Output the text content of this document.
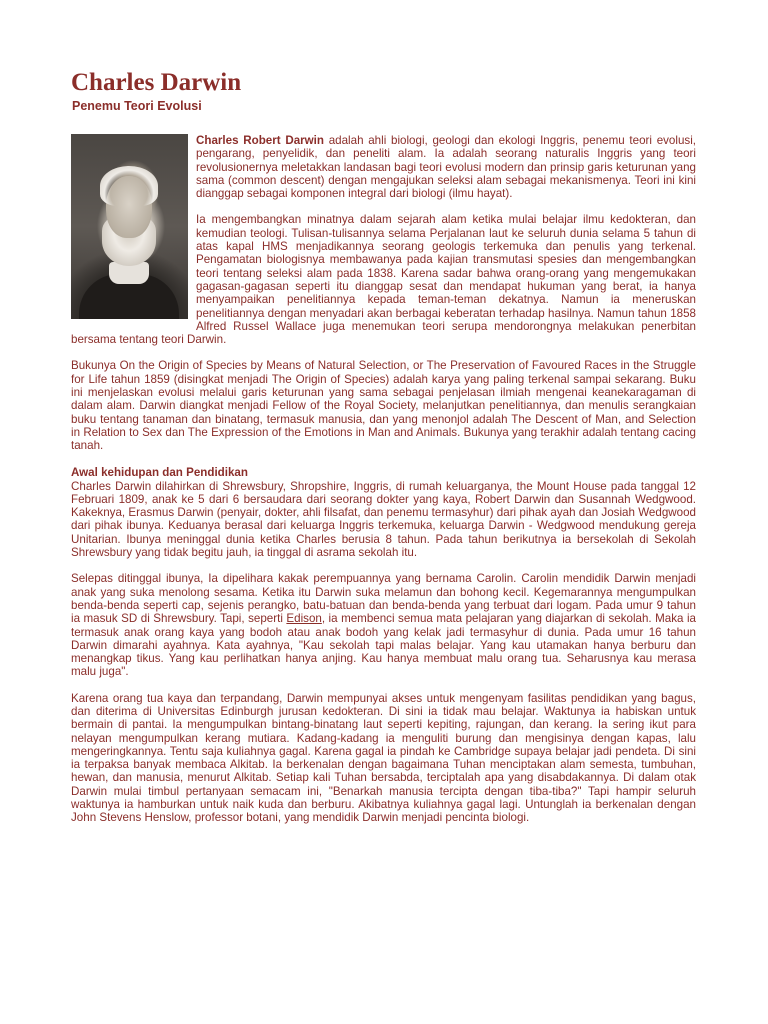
Charles Darwin
Penemu Teori Evolusi

Charles Robert Darwin adalah ahli biologi, geologi dan ekologi Inggris, penemu teori evolusi, pengarang, penyelidik, dan peneliti alam. Ia adalah seorang naturalis Inggris yang teori revolusionernya meletakkan landasan bagi teori evolusi modern dan prinsip garis keturunan yang sama (common descent) dengan mengajukan seleksi alam sebagai mekanismenya. Teori ini kini dianggap sebagai komponen integral dari biologi (ilmu hayat).

Ia mengembangkan minatnya dalam sejarah alam ketika mulai belajar ilmu kedokteran, dan kemudian teologi. Tulisan-tulisannya selama Perjalanan laut ke seluruh dunia selama 5 tahun di atas kapal HMS menjadikannya seorang geologis terkemuka dan penulis yang terkenal. Pengamatan biologisnya membawanya pada kajian transmutasi spesies dan mengembangkan teori tentang seleksi alam pada 1838. Karena sadar bahwa orang-orang yang mengemukakan gagasan-gagasan seperti itu dianggap sesat dan mendapat hukuman yang berat, ia hanya menyampaikan penelitiannya kepada teman-teman dekatnya. Namun ia meneruskan penelitiannya dengan menyadari akan berbagai keberatan terhadap hasilnya. Namun tahun 1858 Alfred Russel Wallace juga menemukan teori serupa mendorongnya melakukan penerbitan bersama tentang teori Darwin.

Bukunya On the Origin of Species by Means of Natural Selection, or The Preservation of Favoured Races in the Struggle for Life tahun 1859 (disingkat menjadi The Origin of Species) adalah karya yang paling terkenal sampai sekarang. Buku ini menjelaskan evolusi melalui garis keturunan yang sama sebagai penjelasan ilmiah mengenai keanekaragaman di dalam alam. Darwin diangkat menjadi Fellow of the Royal Society, melanjutkan penelitiannya, dan menulis serangkaian buku tentang tanaman dan binatang, termasuk manusia, dan yang menonjol adalah The Descent of Man, and Selection in Relation to Sex dan The Expression of the Emotions in Man and Animals. Bukunya yang terakhir adalah tentang cacing tanah.

Awal kehidupan dan Pendidikan

Charles Darwin dilahirkan di Shrewsbury, Shropshire, Inggris, di rumah keluarganya, the Mount House pada tanggal 12 Februari 1809, anak ke 5 dari 6 bersaudara dari seorang dokter yang kaya, Robert Darwin dan Susannah Wedgwood. Kakeknya, Erasmus Darwin (penyair, dokter, ahli filsafat, dan penemu termasyhur) dari pihak ayah dan Josiah Wedgwood dari pihak ibunya. Keduanya berasal dari keluarga Inggris terkemuka, keluarga Darwin - Wedgwood mendukung gereja Unitarian. Ibunya meninggal dunia ketika Charles berusia 8 tahun. Pada tahun berikutnya ia bersekolah di Sekolah Shrewsbury yang tidak begitu jauh, ia tinggal di asrama sekolah itu.

Selepas ditinggal ibunya, Ia dipelihara kakak perempuannya yang bernama Carolin. Carolin mendidik Darwin menjadi anak yang suka menolong sesama. Ketika itu Darwin suka melamun dan bohong kecil. Kegemarannya mengumpulkan benda-benda seperti cap, sejenis perangko, batu-batuan dan benda-benda yang terbuat dari logam. Pada umur 9 tahun ia masuk SD di Shrewsbury. Tapi, seperti Edison, ia membenci semua mata pelajaran yang diajarkan di sekolah. Maka ia termasuk anak orang kaya yang bodoh atau anak bodoh yang kelak jadi termasyhur di dunia. Pada umur 16 tahun Darwin dimarahi ayahnya. Kata ayahnya, "Kau sekolah tapi malas belajar. Yang kau utamakan hanya berburu dan menangkap tikus. Yang kau perlihatkan hanya anjing. Kau hanya membuat malu orang tua. Seharusnya kau merasa malu juga".

Karena orang tua kaya dan terpandang, Darwin mempunyai akses untuk mengenyam fasilitas pendidikan yang bagus, dan diterima di Universitas Edinburgh jurusan kedokteran. Di sini ia tidak mau belajar. Waktunya ia habiskan untuk bermain di pantai. Ia mengumpulkan bintang-binatang laut seperti kepiting, rajungan, dan kerang. Ia sering ikut para nelayan mengumpulkan kerang mutiara. Kadang-kadang ia menguliti burung dan mengisinya dengan kapas, lalu mengeringkannya. Tentu saja kuliahnya gagal. Karena gagal ia pindah ke Cambridge supaya belajar jadi pendeta. Di sini ia terpaksa banyak membaca Alkitab. Ia berkenalan dengan bagaimana Tuhan menciptakan alam semesta, tumbuhan, hewan, dan manusia, menurut Alkitab. Setiap kali Tuhan bersabda, terciptalah apa yang disabdakannya. Di dalam otak Darwin mulai timbul pertanyaan semacam ini, "Benarkah manusia tercipta dengan tiba-tiba?" Tapi hampir seluruh waktunya ia hamburkan untuk naik kuda dan berburu. Akibatnya kuliahnya gagal lagi. Untunglah ia berkenalan dengan John Stevens Henslow, professor botani, yang mendidik Darwin menjadi pencinta biologi.
